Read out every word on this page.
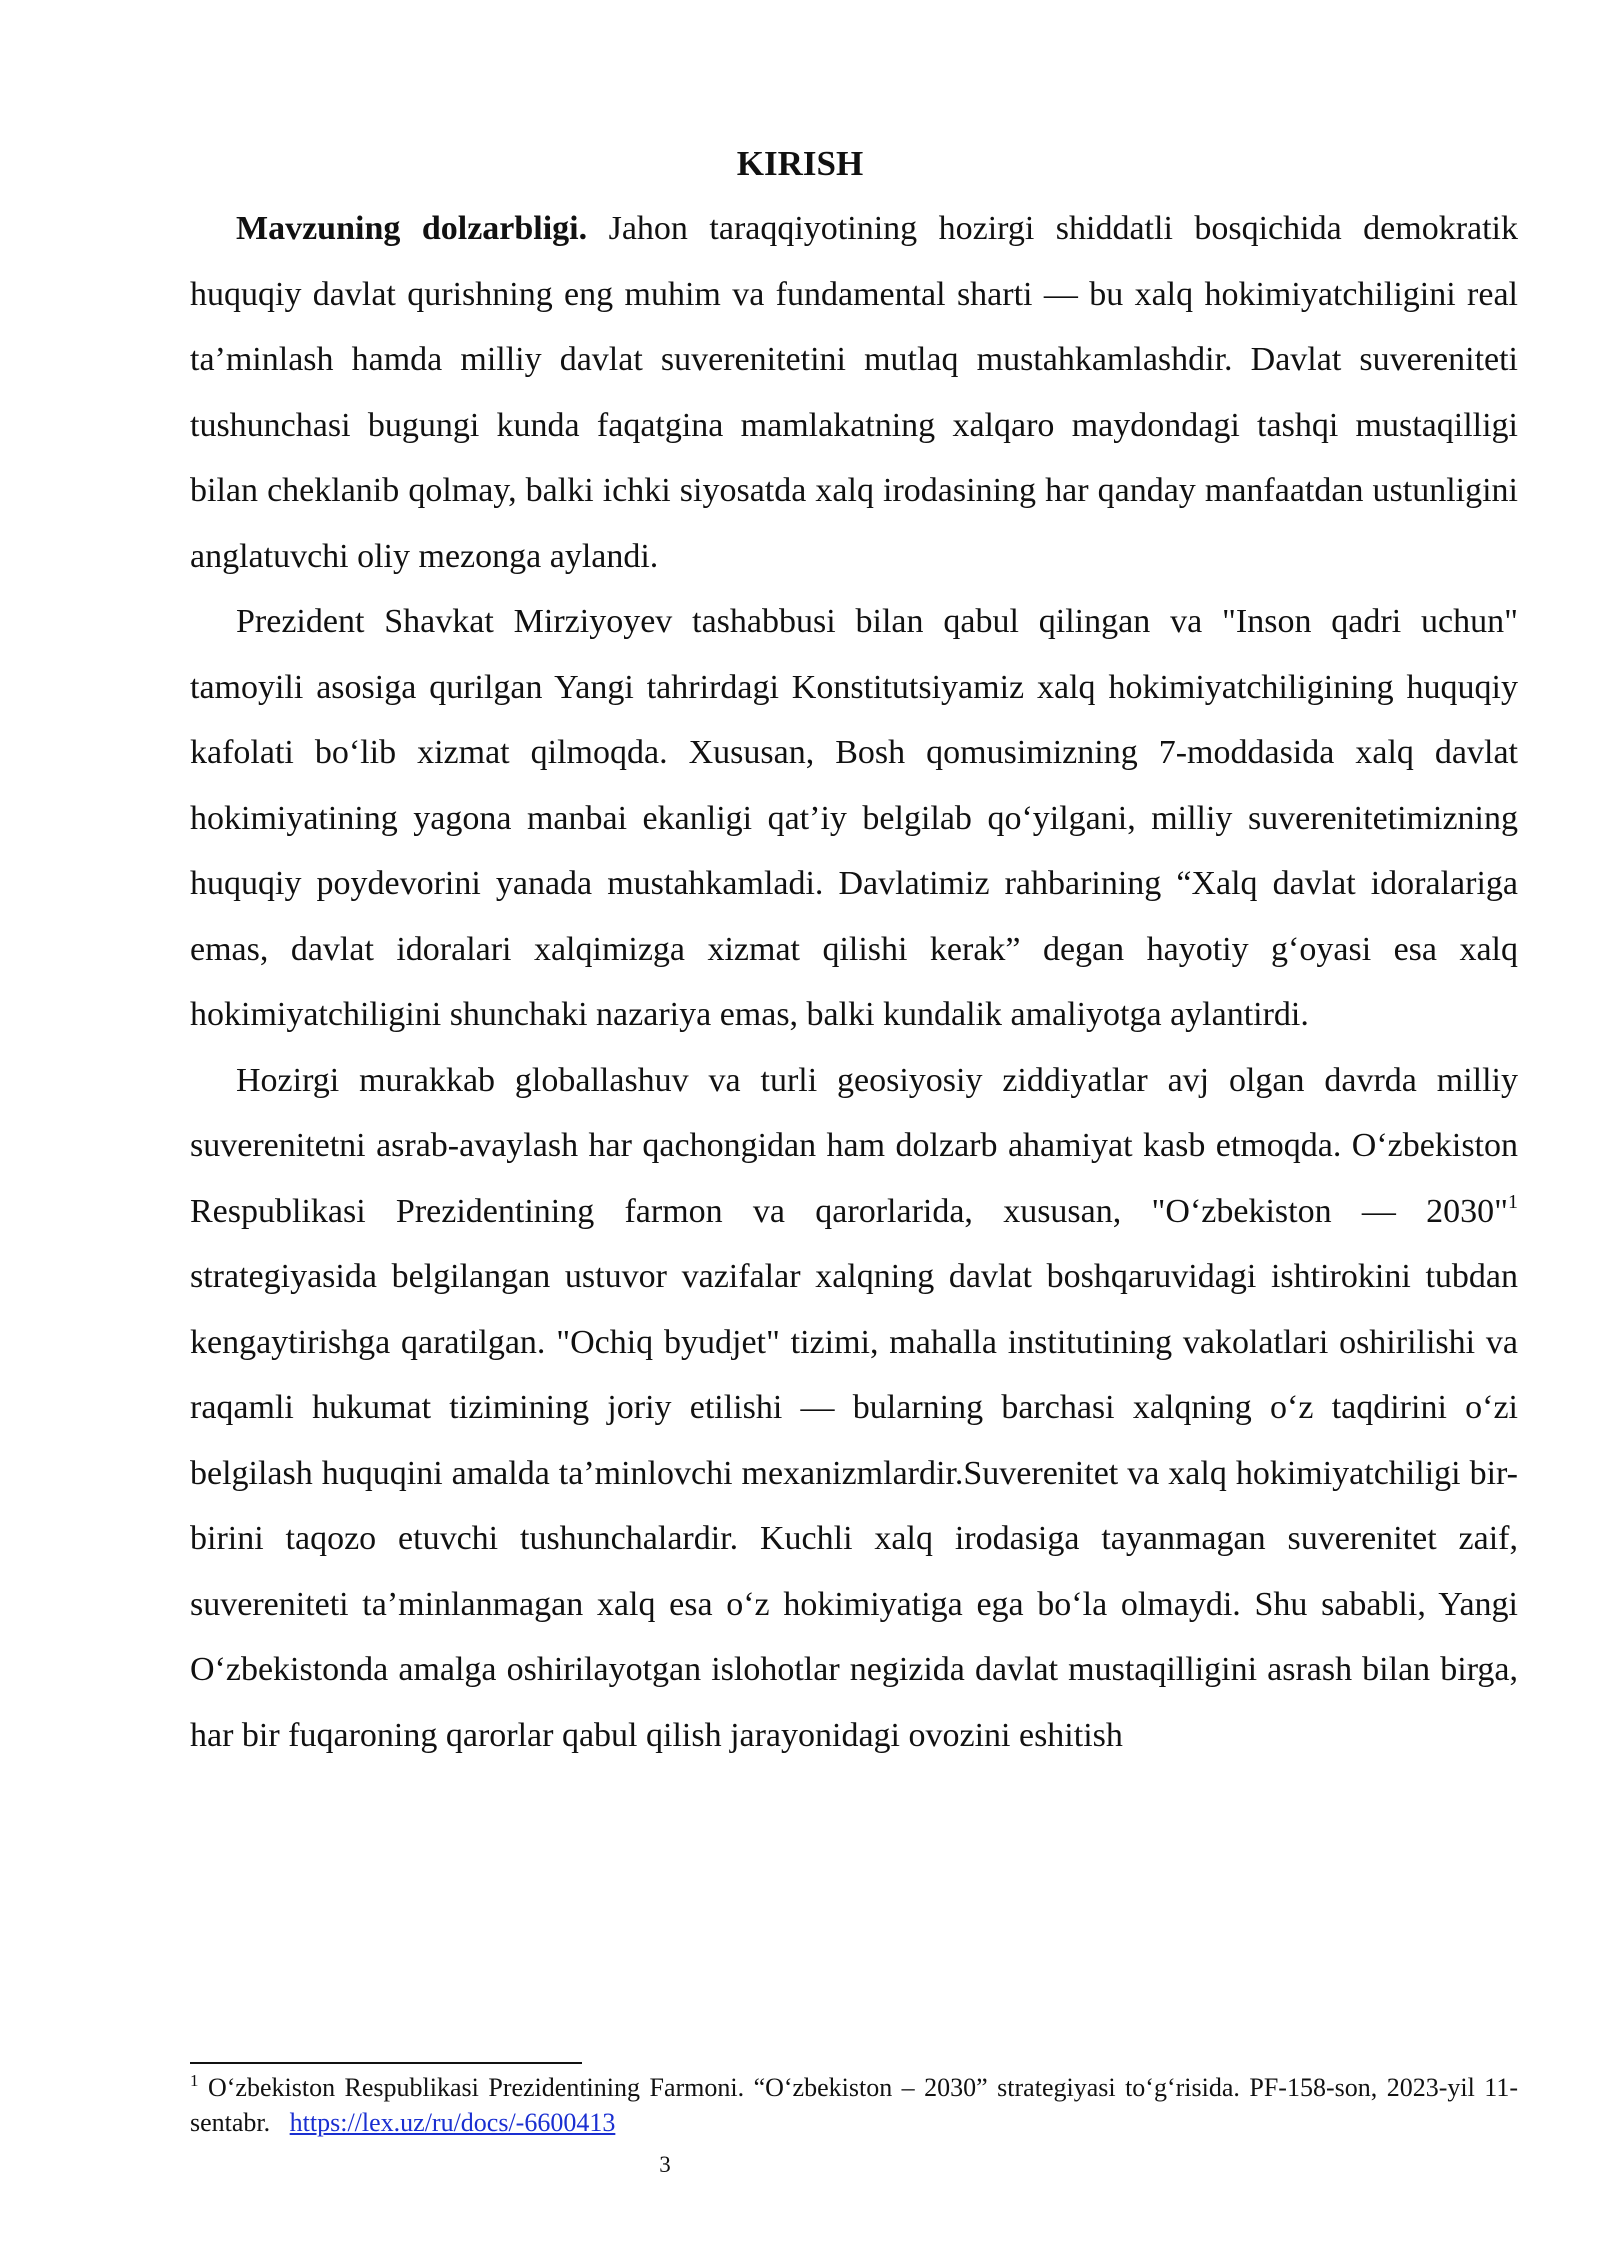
KIRISH

Mavzuning dolzarbligi. Jahon taraqqiyotining hozirgi shiddatli bosqichida demokratik huquqiy davlat qurishning eng muhim va fundamental sharti — bu xalq hokimiyatchiligini real ta’minlash hamda milliy davlat suverenitetini mutlaq mustahkamlashdir. Davlat suvereniteti tushunchasi bugungi kunda faqatgina mamlakatning xalqaro maydondagi tashqi mustaqilligi bilan cheklanib qolmay, balki ichki siyosatda xalq irodasining har qanday manfaatdan ustunligini anglatuvchi oliy mezonga aylandi.

Prezident Shavkat Mirziyoyev tashabbusi bilan qabul qilingan va "Inson qadri uchun" tamoyili asosiga qurilgan Yangi tahrirdagi Konstitutsiyamiz xalq hokimiyatchiligining huquqiy kafolati bo‘lib xizmat qilmoqda. Xususan, Bosh qomusimizning 7-moddasida xalq davlat hokimiyatining yagona manbai ekanligi qat’iy belgilab qo‘yilgani, milliy suverenitetimizning huquqiy poydevorini yanada mustahkamladi. Davlatimiz rahbarining “Xalq davlat idoralariga emas, davlat idoralari xalqimizga xizmat qilishi kerak” degan hayotiy g‘oyasi esa xalq hokimiyatchiligini shunchaki nazariya emas, balki kundalik amaliyotga aylantirdi.

Hozirgi murakkab globallashuv va turli geosiyosiy ziddiyatlar avj olgan davrda milliy suverenitetni asrab-avaylash har qachongidan ham dolzarb ahamiyat kasb etmoqda. O‘zbekiston Respublikasi Prezidentining farmon va qarorlarida, xususan, "O‘zbekiston — 2030"$^1$ strategiyasida belgilangan ustuvor vazifalar xalqning davlat boshqaruvidagi ishtirokini tubdan kengaytirishga qaratilgan. "Ochiq byudjet" tizimi, mahalla institutining vakolatlari oshirilishi va raqamli hukumat tizimining joriy etilishi — bularning barchasi xalqning o‘z taqdirini o‘zi belgilash huquqini amalda ta’minlovchi mexanizmlardir.Suverenitet va xalq hokimiyatchiligi bir-birini taqozo etuvchi tushunchalardir. Kuchli xalq irodasiga tayanmagan suverenitet zaif, suvereniteti ta’minlanmagan xalq esa o‘z hokimiyatiga ega bo‘la olmaydi. Shu sababli, Yangi O‘zbekistonda amalga oshirilayotgan islohotlar negizida davlat mustaqilligini asrash bilan birga, har bir fuqaroning qarorlar qabul qilish jarayonidagi ovozini eshitish

$^1$ O‘zbekiston Respublikasi Prezidentining Farmoni. “O‘zbekiston – 2030” strategiyasi to‘g‘risida. PF-158-son, 2023-yil 11-sentabr. https://lex.uz/ru/docs/-6600413

3
